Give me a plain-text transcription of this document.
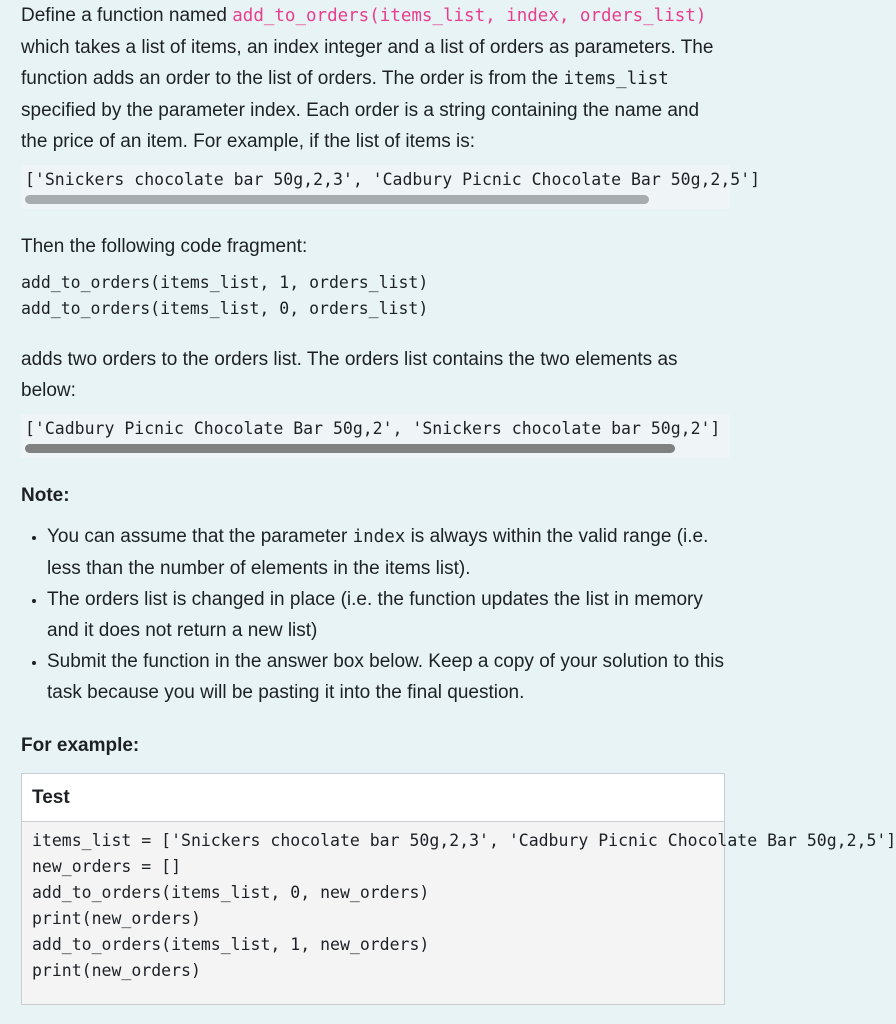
Define a function named add_to_orders(items_list, index, orders_list) which takes a list of items, an index integer and a list of orders as parameters. The function adds an order to the list of orders. The order is from the items_list specified by the parameter index. Each order is a string containing the name and the price of an item. For example, if the list of items is:

['Snickers chocolate bar 50g,2,3', 'Cadbury Picnic Chocolate Bar 50g,2,5']

Then the following code fragment:

add_to_orders(items_list, 1, orders_list)
add_to_orders(items_list, 0, orders_list)

adds two orders to the orders list. The orders list contains the two elements as below:

['Cadbury Picnic Chocolate Bar 50g,2', 'Snickers chocolate bar 50g,2']

Note:

• You can assume that the parameter index is always within the valid range (i.e. less than the number of elements in the items list).
• The orders list is changed in place (i.e. the function updates the list in memory and it does not return a new list)
• Submit the function in the answer box below. Keep a copy of your solution to this task because you will be pasting it into the final question.

For example:

Test
items_list = ['Snickers chocolate bar 50g,2,3', 'Cadbury Picnic Chocolate Bar 50g,2,5']
new_orders = []
add_to_orders(items_list, 0, new_orders)
print(new_orders)
add_to_orders(items_list, 1, new_orders)
print(new_orders)
